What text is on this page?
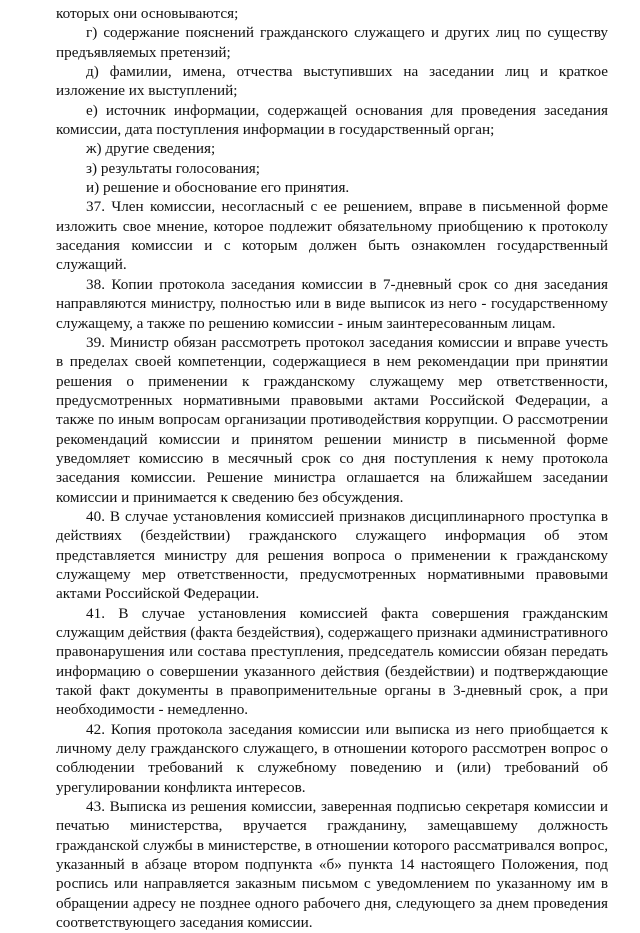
которых они основываются;

г) содержание пояснений гражданского служащего и других лиц по существу предъявляемых претензий;

д) фамилии, имена, отчества выступивших на заседании лиц и краткое изложение их выступлений;

е) источник информации, содержащей основания для проведения заседания комиссии, дата поступления информации в государственный орган;

ж) другие сведения;

з) результаты голосования;

и) решение и обоснование его принятия.

37. Член комиссии, несогласный с ее решением, вправе в письменной форме изложить свое мнение, которое подлежит обязательному приобщению к протоколу заседания комиссии и с которым должен быть ознакомлен государственный служащий.

38. Копии протокола заседания комиссии в 7-дневный срок со дня заседания направляются министру, полностью или в виде выписок из него - государственному служащему, а также по решению комиссии - иным заинтересованным лицам.

39. Министр обязан рассмотреть протокол заседания комиссии и вправе учесть в пределах своей компетенции, содержащиеся в нем рекомендации при принятии решения о применении к гражданскому служащему мер ответственности, предусмотренных нормативными правовыми актами Российской Федерации, а также по иным вопросам организации противодействия коррупции. О рассмотрении рекомендаций комиссии и принятом решении министр в письменной форме уведомляет комиссию в месячный срок со дня поступления к нему протокола заседания комиссии. Решение министра оглашается на ближайшем заседании комиссии и принимается к сведению без обсуждения.

40. В случае установления комиссией признаков дисциплинарного проступка в действиях (бездействии) гражданского служащего информация об этом представляется министру для решения вопроса о применении к гражданскому служащему мер ответственности, предусмотренных нормативными правовыми актами Российской Федерации.

41. В случае установления комиссией факта совершения гражданским служащим действия (факта бездействия), содержащего признаки административного правонарушения или состава преступления, председатель комиссии обязан передать информацию о совершении указанного действия (бездействии) и подтверждающие такой факт документы в правоприменительные органы в 3-дневный срок, а при необходимости - немедленно.

42. Копия протокола заседания комиссии или выписка из него приобщается к личному делу гражданского служащего, в отношении которого рассмотрен вопрос о соблюдении требований к служебному поведению и (или) требований об урегулировании конфликта интересов.

43. Выписка из решения комиссии, заверенная подписью секретаря комиссии и печатью министерства, вручается гражданину, замещавшему должность гражданской службы в министерстве, в отношении которого рассматривался вопрос, указанный в абзаце втором подпункта «б» пункта 14 настоящего Положения, под роспись или направляется заказным письмом с уведомлением по указанному им в обращении адресу не позднее одного рабочего дня, следующего за днем проведения соответствующего заседания комиссии.
